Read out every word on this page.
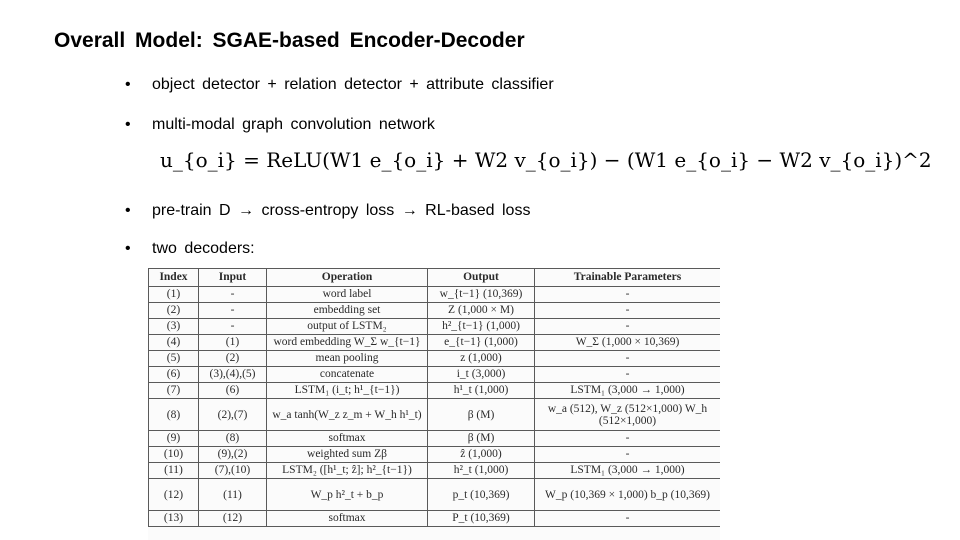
Overall Model: SGAE-based Encoder-Decoder
• object detector + relation detector + attribute classifier
• multi-modal graph convolution network
• pre-train D → cross-entropy loss → RL-based loss
• two decoders:
u_{o_i} = ReLU(W1 e_{o_i} + W2 v_{o_i}) − (W1 e_{o_i} − W2 v_{o_i})^2
Index	Input	Operation	Output	Trainable Parameters
(1)	-	word label	w_{t−1} (10,369)	-
(2)	-	embedding set	Z (1,000 × M)	-
(3)	-	output of LSTM₂	h²_{t−1} (1,000)	-
(4)	(1)	word embedding W_Σ w_{t−1}	e_{t−1} (1,000)	W_Σ (1,000 × 10,369)
(5)	(2)	mean pooling	z (1,000)	-
(6)	(3),(4),(5)	concatenate	i_t (3,000)	-
(7)	(6)	LSTM₁ (i_t; h¹_{t−1})	h¹_t (1,000)	LSTM₁ (3,000 → 1,000)
(8)	(2),(7)	w_a tanh(W_z z_m + W_h h¹_t)	β (M)	w_a (512), W_z (512×1,000) W_h (512×1,000)
(9)	(8)	softmax	β (M)	-
(10)	(9),(2)	weighted sum Zβ	ẑ (1,000)	-
(11)	(7),(10)	LSTM₂ ([h¹_t; ẑ]; h²_{t−1})	h²_t (1,000)	LSTM₁ (3,000 → 1,000)
(12)	(11)	W_p h²_t + b_p	p_t (10,369)	W_p (10,369 × 1,000) b_p (10,369)
(13)	(12)	softmax	P_t (10,369)	-
